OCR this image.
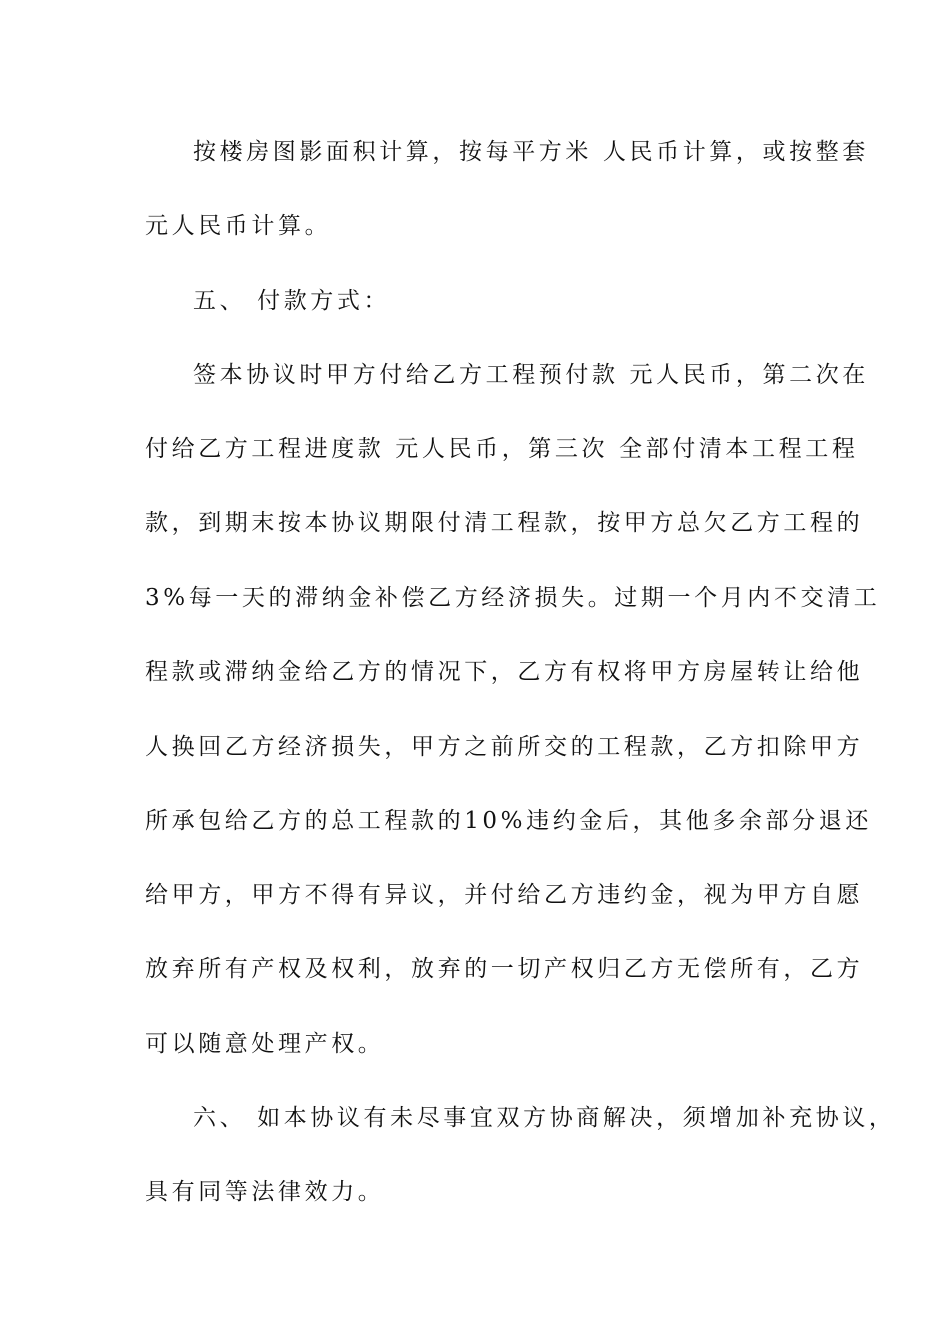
按楼房图影面积计算，按每平方米 人民币计算，或按整套
元人民币计算。
五、 付款方式：
签本协议时甲方付给乙方工程预付款 元人民币，第二次在
付给乙方工程进度款 元人民币，第三次 全部付清本工程工程
款，到期末按本协议期限付清工程款，按甲方总欠乙方工程的
3%每一天的滞纳金补偿乙方经济损失。过期一个月内不交清工
程款或滞纳金给乙方的情况下，乙方有权将甲方房屋转让给他
人换回乙方经济损失，甲方之前所交的工程款，乙方扣除甲方
所承包给乙方的总工程款的10%违约金后，其他多余部分退还
给甲方，甲方不得有异议，并付给乙方违约金，视为甲方自愿
放弃所有产权及权利，放弃的一切产权归乙方无偿所有，乙方
可以随意处理产权。
六、 如本协议有未尽事宜双方协商解决，须增加补充协议，
具有同等法律效力。
